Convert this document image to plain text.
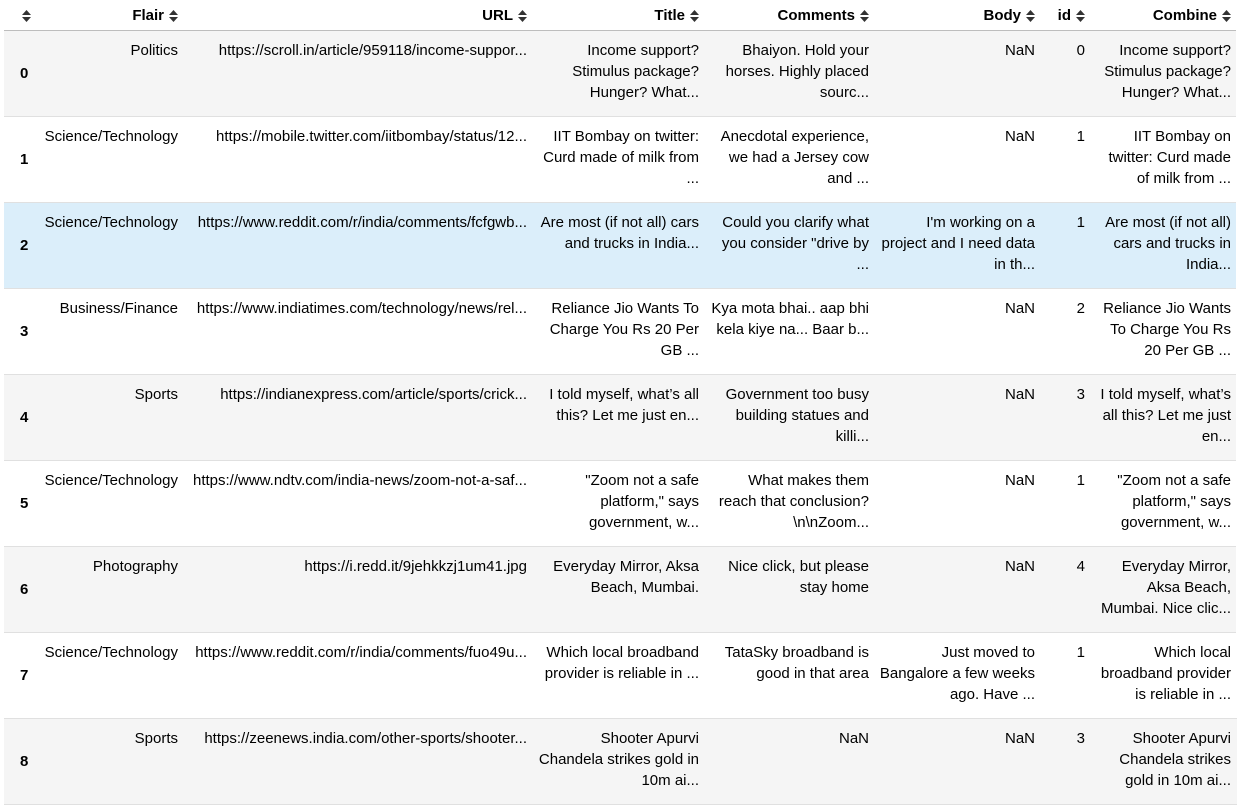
	Flair	URL	Title	Comments	Body	id	Combine

0	Politics	https://scroll.in/article/959118/income-suppor...	Income support? Stimulus package? Hunger? What...	Bhaiyon. Hold your horses. Highly placed sourc...	NaN	0	Income support? Stimulus package? Hunger? What...
1	Science/Technology	https://mobile.twitter.com/iitbombay/status/12...	IIT Bombay on twitter: Curd made of milk from ...	Anecdotal experience, we had a Jersey cow and ...	NaN	1	IIT Bombay on twitter: Curd made of milk from ...
2	Science/Technology	https://www.reddit.com/r/india/comments/fcfgwb...	Are most (if not all) cars and trucks in India...	Could you clarify what you consider "drive by ...	I'm working on a project and I need data in th...	1	Are most (if not all) cars and trucks in India...
3	Business/Finance	https://www.indiatimes.com/technology/news/rel...	Reliance Jio Wants To Charge You Rs 20 Per GB ...	Kya mota bhai.. aap bhi kela kiye na... Baar b...	NaN	2	Reliance Jio Wants To Charge You Rs 20 Per GB ...
4	Sports	https://indianexpress.com/article/sports/crick...	I told myself, what’s all this? Let me just en...	Government too busy building statues and killi...	NaN	3	I told myself, what’s all this? Let me just en...
5	Science/Technology	https://www.ndtv.com/india-news/zoom-not-a-saf...	"Zoom not a safe platform," says government, w...	What makes them reach that conclusion? \n\nZoom...	NaN	1	"Zoom not a safe platform," says government, w...
6	Photography	https://i.redd.it/9jehkkzj1um41.jpg	Everyday Mirror, Aksa Beach, Mumbai.	Nice click, but please stay home	NaN	4	Everyday Mirror, Aksa Beach, Mumbai. Nice clic...
7	Science/Technology	https://www.reddit.com/r/india/comments/fuo49u...	Which local broadband provider is reliable in ...	TataSky broadband is good in that area	Just moved to Bangalore a few weeks ago. Have ...	1	Which local broadband provider is reliable in ...
8	Sports	https://zeenews.india.com/other-sports/shooter...	Shooter Apurvi Chandela strikes gold in 10m ai...	NaN	NaN	3	Shooter Apurvi Chandela strikes gold in 10m ai...
